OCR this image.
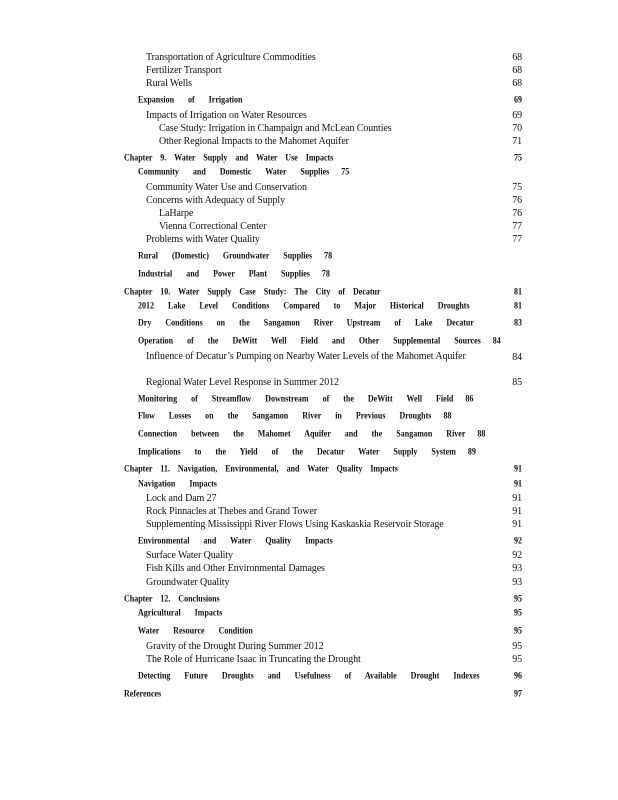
Transportation of Agriculture Commodities	68
Fertilizer Transport	68
Rural Wells	68
Expansion of Irrigation	69
Impacts of Irrigation on Water Resources	69
Case Study: Irrigation in Champaign and McLean Counties	70
Other Regional Impacts to the Mahomet Aquifer	71
Chapter 9. Water Supply and Water Use Impacts	75
Community and Domestic Water Supplies 75
Community Water Use and Conservation	75
Concerns with Adequacy of Supply	76
LaHarpe	76
Vienna Correctional Center	77
Problems with Water Quality	77
Rural (Domestic) Groundwater Supplies 78
Industrial and Power Plant Supplies 78
Chapter 10. Water Supply Case Study: The City of Decatur	81
2012 Lake Level Conditions Compared to Major Historical Droughts	81
Dry Conditions on the Sangamon River Upstream of Lake Decatur	83
Operation of the DeWitt Well Field and Other Supplemental Sources 84
Influence of Decatur’s Pumping on Nearby Water Levels of the Mahomet Aquifer	84
Regional Water Level Response in Summer 2012	85
Monitoring of Streamflow Downstream of the DeWitt Well Field 86
Flow Losses on the Sangamon River in Previous Droughts 88
Connection between the Mahomet Aquifer and the Sangamon River 88
Implications to the Yield of the Decatur Water Supply System 89
Chapter 11. Navigation, Environmental, and Water Quality Impacts	91
Navigation Impacts	91
Lock and Dam 27	91
Rock Pinnacles at Thebes and Grand Tower	91
Supplementing Mississippi River Flows Using Kaskaskia Reservoir Storage	91
Environmental and Water Quality Impacts	92
Surface Water Quality	92
Fish Kills and Other Environmental Damages	93
Groundwater Quality	93
Chapter 12. Conclusions	95
Agricultural Impacts	95
Water Resource Condition	95
Gravity of the Drought During Summer 2012	95
The Role of Hurricane Isaac in Truncating the Drought	95
Detecting Future Droughts and Usefulness of Available Drought Indexes	96
References	97
